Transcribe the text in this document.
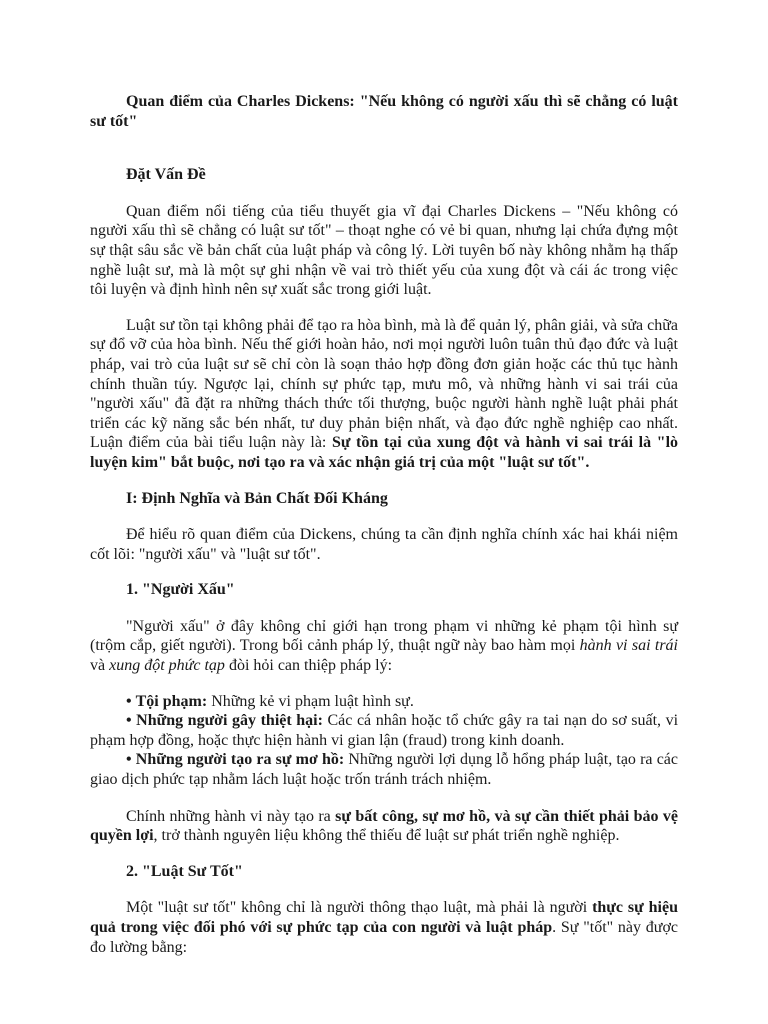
Quan điểm của Charles Dickens: "Nếu không có người xấu thì sẽ chẳng có luật sư tốt"

Đặt Vấn Đề

Quan điểm nổi tiếng của tiểu thuyết gia vĩ đại Charles Dickens – "Nếu không có người xấu thì sẽ chẳng có luật sư tốt" – thoạt nghe có vẻ bi quan, nhưng lại chứa đựng một sự thật sâu sắc về bản chất của luật pháp và công lý. Lời tuyên bố này không nhằm hạ thấp nghề luật sư, mà là một sự ghi nhận về vai trò thiết yếu của xung đột và cái ác trong việc tôi luyện và định hình nên sự xuất sắc trong giới luật.

Luật sư tồn tại không phải để tạo ra hòa bình, mà là để quản lý, phân giải, và sửa chữa sự đổ vỡ của hòa bình. Nếu thế giới hoàn hảo, nơi mọi người luôn tuân thủ đạo đức và luật pháp, vai trò của luật sư sẽ chỉ còn là soạn thảo hợp đồng đơn giản hoặc các thủ tục hành chính thuần túy. Ngược lại, chính sự phức tạp, mưu mô, và những hành vi sai trái của "người xấu" đã đặt ra những thách thức tối thượng, buộc người hành nghề luật phải phát triển các kỹ năng sắc bén nhất, tư duy phản biện nhất, và đạo đức nghề nghiệp cao nhất. Luận điểm của bài tiểu luận này là: Sự tồn tại của xung đột và hành vi sai trái là "lò luyện kim" bắt buộc, nơi tạo ra và xác nhận giá trị của một "luật sư tốt".

I: Định Nghĩa và Bản Chất Đối Kháng

Để hiểu rõ quan điểm của Dickens, chúng ta cần định nghĩa chính xác hai khái niệm cốt lõi: "người xấu" và "luật sư tốt".

1. "Người Xấu"

"Người xấu" ở đây không chỉ giới hạn trong phạm vi những kẻ phạm tội hình sự (trộm cắp, giết người). Trong bối cảnh pháp lý, thuật ngữ này bao hàm mọi hành vi sai trái và xung đột phức tạp đòi hỏi can thiệp pháp lý:

• Tội phạm: Những kẻ vi phạm luật hình sự.
• Những người gây thiệt hại: Các cá nhân hoặc tổ chức gây ra tai nạn do sơ suất, vi phạm hợp đồng, hoặc thực hiện hành vi gian lận (fraud) trong kinh doanh.
• Những người tạo ra sự mơ hồ: Những người lợi dụng lỗ hổng pháp luật, tạo ra các giao dịch phức tạp nhằm lách luật hoặc trốn tránh trách nhiệm.

Chính những hành vi này tạo ra sự bất công, sự mơ hồ, và sự cần thiết phải bảo vệ quyền lợi, trở thành nguyên liệu không thể thiếu để luật sư phát triển nghề nghiệp.

2. "Luật Sư Tốt"

Một "luật sư tốt" không chỉ là người thông thạo luật, mà phải là người thực sự hiệu quả trong việc đối phó với sự phức tạp của con người và luật pháp. Sự "tốt" này được đo lường bằng:
